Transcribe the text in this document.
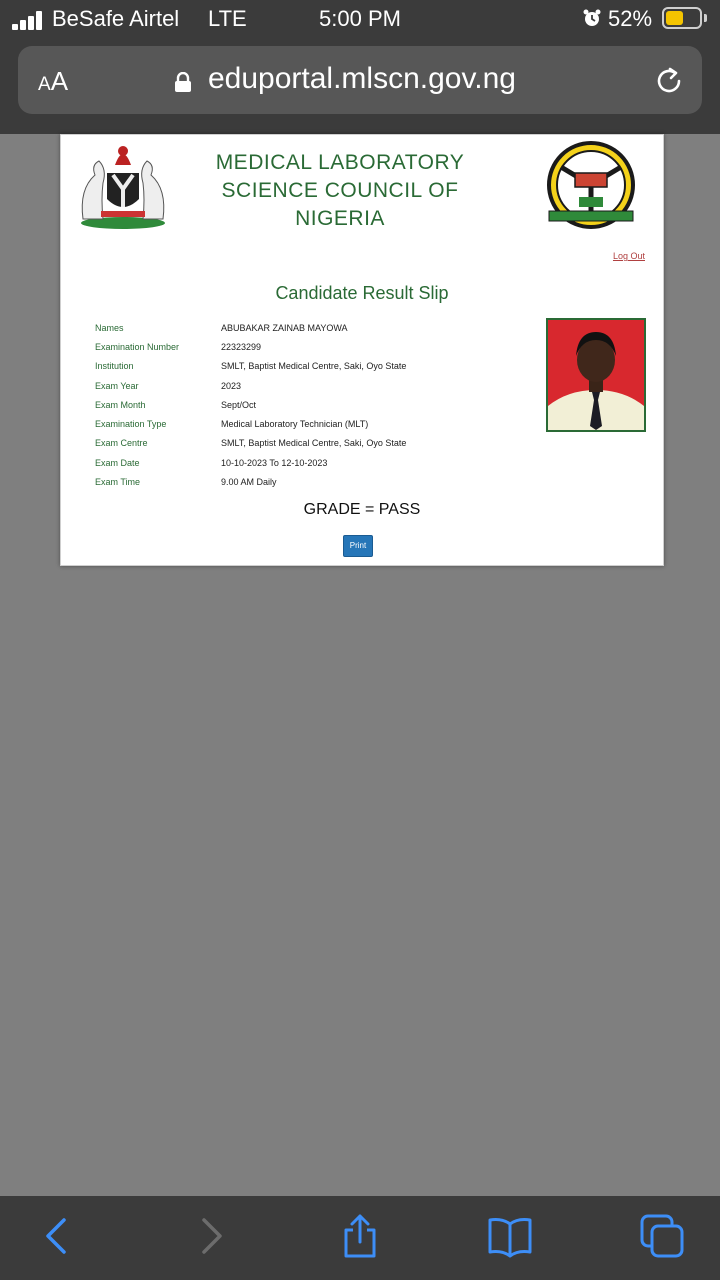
BeSafe Airtel LTE	5:00 PM	52%
AA	eduportal.mlscn.gov.ng
MEDICAL LABORATORY SCIENCE COUNCIL OF NIGERIA
Log Out
Candidate Result Slip
Names	ABUBAKAR ZAINAB MAYOWA
Examination Number	22323299
Institution	SMLT, Baptist Medical Centre, Saki, Oyo State
Exam Year	2023
Exam Month	Sept/Oct
Examination Type	Medical Laboratory Technician (MLT)
Exam Centre	SMLT, Baptist Medical Centre, Saki, Oyo State
Exam Date	10-10-2023 To 12-10-2023
Exam Time	9.00 AM Daily
GRADE = PASS
Print
